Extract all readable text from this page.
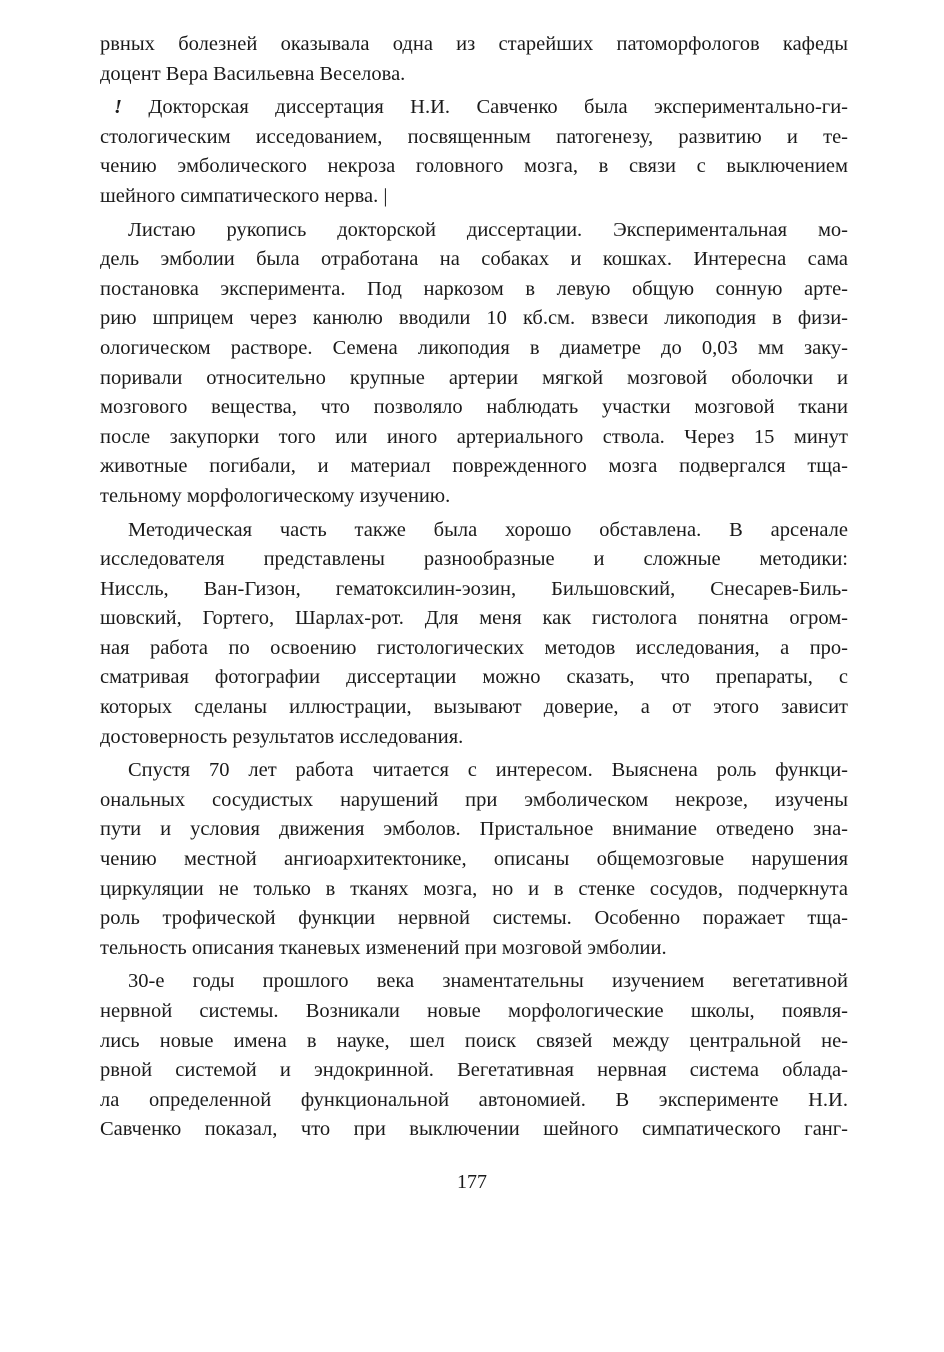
рвных болезней оказывала одна из старейших патоморфологов кафеды
доцент Вера Васильевна Веселова.
! Докторская диссертация Н.И. Савченко была экспериментально-ги-
стологическим исседованием, посвященным патогенезу, развитию и те-
чению эмболического некроза головного мозга, в связи с выключением
шейного симпатического нерва. |
Листаю рукопись докторской диссертации. Экспериментальная мо-
дель эмболии была отработана на собаках и кошках. Интересна сама
постановка эксперимента. Под наркозом в левую общую сонную арте-
рию шприцем через канюлю вводили 10 кб.см. взвеси ликоподия в физи-
ологическом растворе. Семена ликоподия в диаметре до 0,03 мм заку-
поривали относительно крупные артерии мягкой мозговой оболочки и
мозгового вещества, что позволяло наблюдать участки мозговой ткани
после закупорки того или иного артериального ствола. Через 15 минут
животные погибали, и материал поврежденного мозга подвергался тща-
тельному морфологическому изучению.
Методическая часть также была хорошо обставлена. В арсенале
исследователя представлены разнообразные и сложные методики:
Ниссль, Ван-Гизон, гематоксилин-эозин, Бильшовский, Снесарев-Биль-
шовский, Гортего, Шарлах-рот. Для меня как гистолога понятна огром-
ная работа по освоению гистологических методов исследования, а про-
сматривая фотографии диссертации можно сказать, что препараты, с
которых сделаны иллюстрации, вызывают доверие, а от этого зависит
достоверность результатов исследования.
Спустя 70 лет работа читается с интересом. Выяснена роль функци-
ональных сосудистых нарушений при эмболическом некрозе, изучены
пути и условия движения эмболов. Пристальное внимание отведено зна-
чению местной ангиоархитектонике, описаны общемозговые нарушения
циркуляции не только в тканях мозга, но и в стенке сосудов, подчеркнута
роль трофической функции нервной системы. Особенно поражает тща-
тельность описания тканевых изменений при мозговой эмболии.
30-е годы прошлого века знаментательны изучением вегетативной
нервной системы. Возникали новые морфологические школы, появля-
лись новые имена в науке, шел поиск связей между центральной не-
рвной системой и эндокринной. Вегетативная нервная система облада-
ла определенной функциональной автономией. В эксперименте Н.И.
Савченко показал, что при выключении шейного симпатического ганг-
177
